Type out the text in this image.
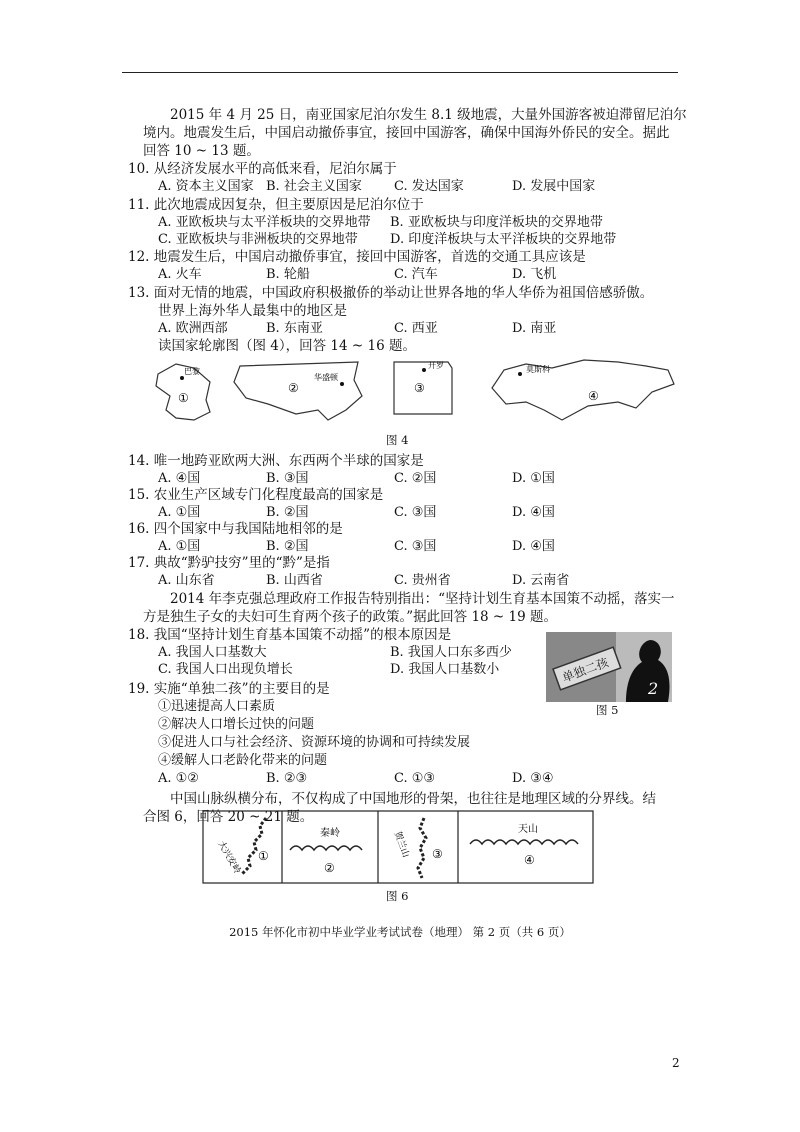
2015 年 4 月 25 日，南亚国家尼泊尔发生 8.1 级地震，大量外国游客被迫滞留尼泊尔
境内。地震发生后，中国启动撤侨事宜，接回中国游客，确保中国海外侨民的安全。据此
回答 10 ~ 13 题。
10. 从经济发展水平的高低来看，尼泊尔属于
A. 资本主义国家 B. 社会主义国家 C. 发达国家	D. 发展中国家
11. 此次地震成因复杂，但主要原因是尼泊尔位于
A. 亚欧板块与太平洋板块的交界地带 B. 亚欧板块与印度洋板块的交界地带
C. 亚欧板块与非洲板块的交界地带 D. 印度洋板块与太平洋板块的交界地带
12. 地震发生后，中国启动撤侨事宜，接回中国游客，首选的交通工具应该是
A. 火车	B. 轮船	C. 汽车	D. 飞机
13. 面对无情的地震，中国政府积极撤侨的举动让世界各地的华人华侨为祖国倍感骄傲。
世界上海外华人最集中的地区是
A. 欧洲西部	B. 东南亚	C. 西亚	D. 南亚
读国家轮廓图（图 4），回答 14 ~ 16 题。
巴黎
①
华盛顿
②
开罗
③
莫斯科
④
图 4
14. 唯一地跨亚欧两大洲、东西两个半球的国家是
A. ④国	B. ③国	C. ②国	D. ①国
15. 农业生产区域专门化程度最高的国家是
A. ①国	B. ②国	C. ③国	D. ④国
16. 四个国家中与我国陆地相邻的是
A. ①国	B. ②国	C. ③国	D. ④国
17. 典故“黔驴技穷”里的“黔”是指
A. 山东省	B. 山西省	C. 贵州省	D. 云南省
2014 年李克强总理政府工作报告特别指出：“坚持计划生育基本国策不动摇，落实一
方是独生子女的夫妇可生育两个孩子的政策。”据此回答 18 ~ 19 题。
18. 我国“坚持计划生育基本国策不动摇”的根本原因是
A. 我国人口基数大	B. 我国人口东多西少
C. 我国人口出现负增长	D. 我国人口基数小	单独二孩
2
图 5
19. 实施“单独二孩”的主要目的是
①迅速提高人口素质
②解决人口增长过快的问题
③促进人口与社会经济、资源环境的协调和可持续发展
④缓解人口老龄化带来的问题
A. ①②	B. ②③	C. ①③	D. ③④
中国山脉纵横分布，不仅构成了中国地形的骨架，也往往是地理区域的分界线。结
合图 6，回答 20 ~ 21 题。
大兴安岭 ①
秦岭
②
贺兰山 ③
天山
④
图 6
2015 年怀化市初中毕业学业考试试卷（地理） 第 2 页（共 6 页）
2
